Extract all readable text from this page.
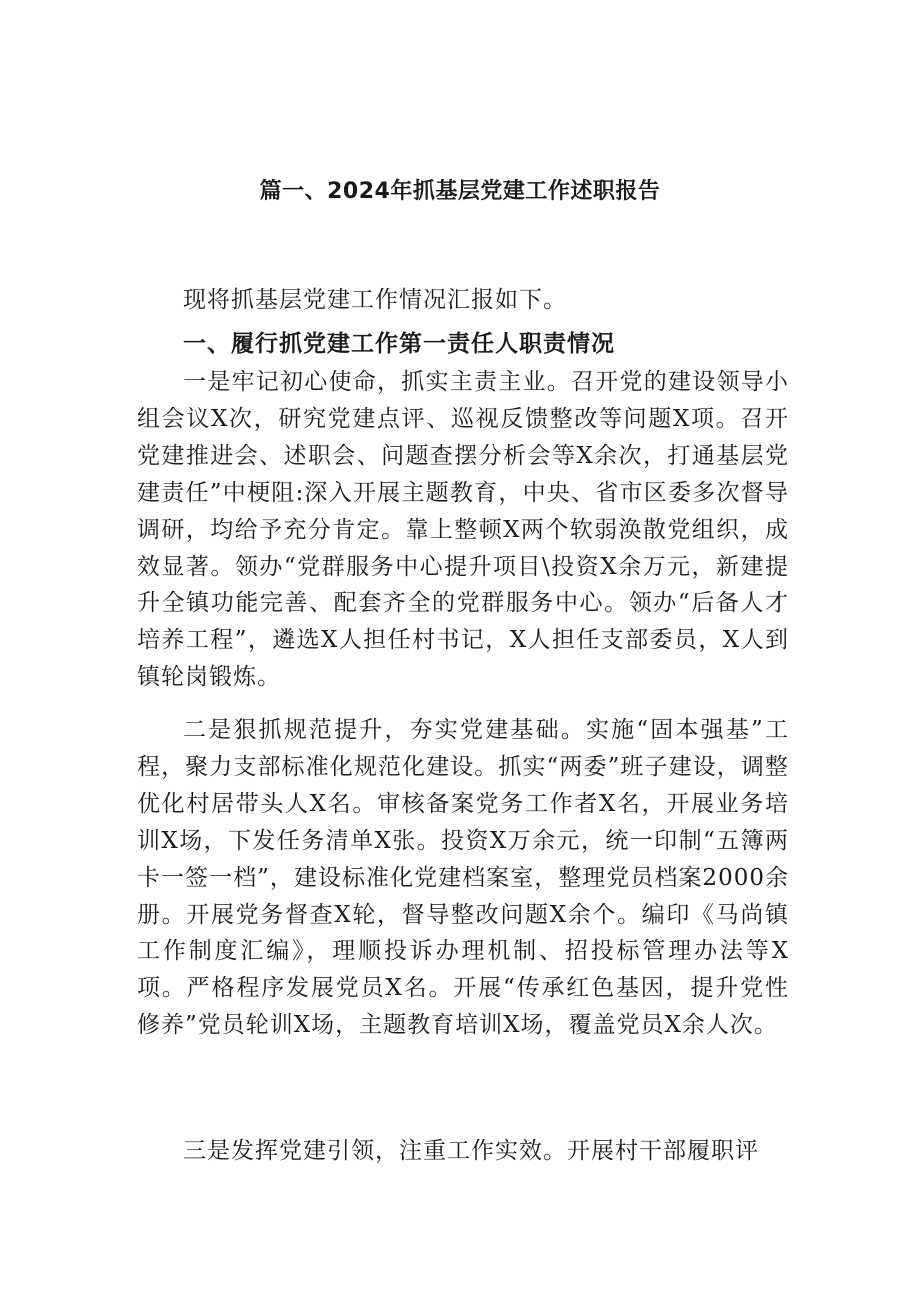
篇一、2024年抓基层党建工作述职报告

现将抓基层党建工作情况汇报如下。

一、履行抓党建工作第一责任人职责情况

一是牢记初心使命，抓实主责主业。召开党的建设领导小组会议X次，研究党建点评、巡视反馈整改等问题X项。召开党建推进会、述职会、问题查摆分析会等X余次，打通基层党建责任”中梗阻:深入开展主题教育，中央、省市区委多次督导调研，均给予充分肯定。靠上整顿X两个软弱涣散党组织，成效显著。领办“党群服务中心提升项目\投资X余万元，新建提升全镇功能完善、配套齐全的党群服务中心。领办“后备人才培养工程”，遴选X人担任村书记，X人担任支部委员，X人到镇轮岗锻炼。

二是狠抓规范提升，夯实党建基础。实施“固本强基”工程，聚力支部标准化规范化建设。抓实“两委”班子建设，调整优化村居带头人X名。审核备案党务工作者X名，开展业务培训X场，下发任务清单X张。投资X万余元，统一印制“五簿两卡一签一档”，建设标准化党建档案室，整理党员档案2000余册。开展党务督查X轮，督导整改问题X余个。编印《马尚镇工作制度汇编》，理顺投诉办理机制、招投标管理办法等X项。严格程序发展党员X名。开展“传承红色基因，提升党性修养”党员轮训X场，主题教育培训X场，覆盖党员X余人次。

三是发挥党建引领，注重工作实效。开展村干部履职评
